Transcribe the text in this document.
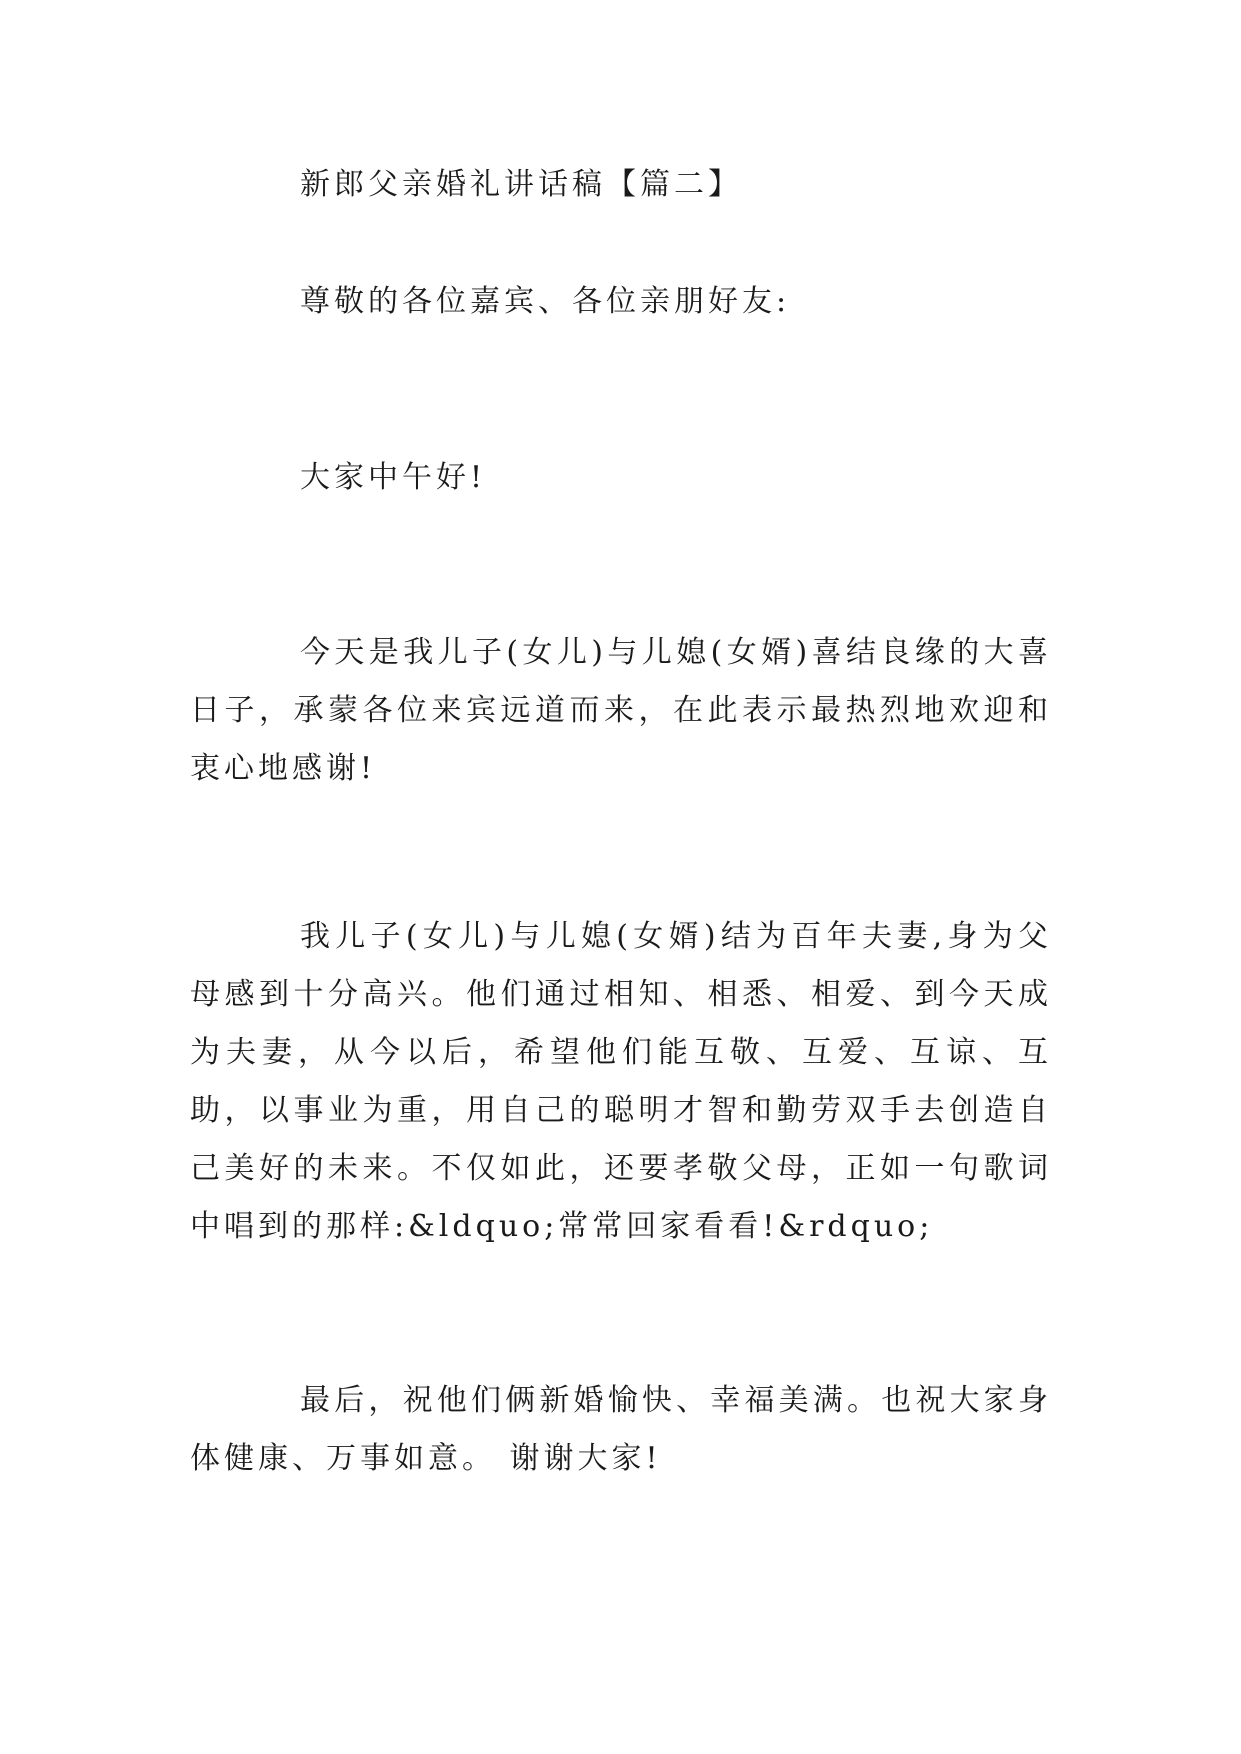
新郎父亲婚礼讲话稿【篇二】
尊敬的各位嘉宾、各位亲朋好友:
大家中午好!
今天是我儿子(女儿)与儿媳(女婿)喜结良缘的大喜日子，承蒙各位来宾远道而来，在此表示最热烈地欢迎和衷心地感谢!
我儿子(女儿)与儿媳(女婿)结为百年夫妻,身为父母感到十分高兴。他们通过相知、相悉、相爱、到今天成为夫妻，从今以后，希望他们能互敬、互爱、互谅、互助，以事业为重，用自己的聪明才智和勤劳双手去创造自己美好的未来。不仅如此，还要孝敬父母，正如一句歌词中唱到的那样:&ldquo;常常回家看看!&rdquo;
最后，祝他们俩新婚愉快、幸福美满。也祝大家身体健康、万事如意。 谢谢大家!
